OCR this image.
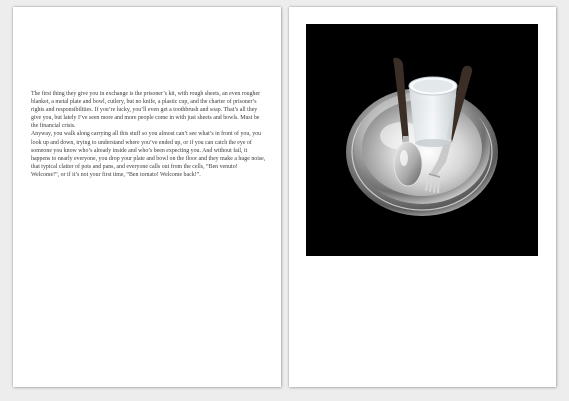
The first thing they give you in exchange is the prisoner’s kit, with rough sheets, an even rougher blanket, a metal plate and bowl, cutlery, but no knife, a plastic cup, and the charter of prisoner’s rights and responsibilities. If you’re lucky, you’ll even get a toothbrush and soap. That’s all they give you, but lately I’ve seen more and more people come in with just sheets and bowls. Must be the financial crisis.

Anyway, you walk along carrying all this stuff so you almost can’t see what’s in front of you, you look up and down, trying to understand where you’ve ended up, or if you can catch the eye of someone you know who’s already inside and who’s been expecting you. And without fail, it happens to nearly everyone, you drop your plate and bowl on the floor and they make a huge noise, that typical clatter of pots and pans, and everyone calls out from the cells, “Ben venuto! Welcome!”, or if it’s not your first time, “Ben tornato! Welcome back!”.
